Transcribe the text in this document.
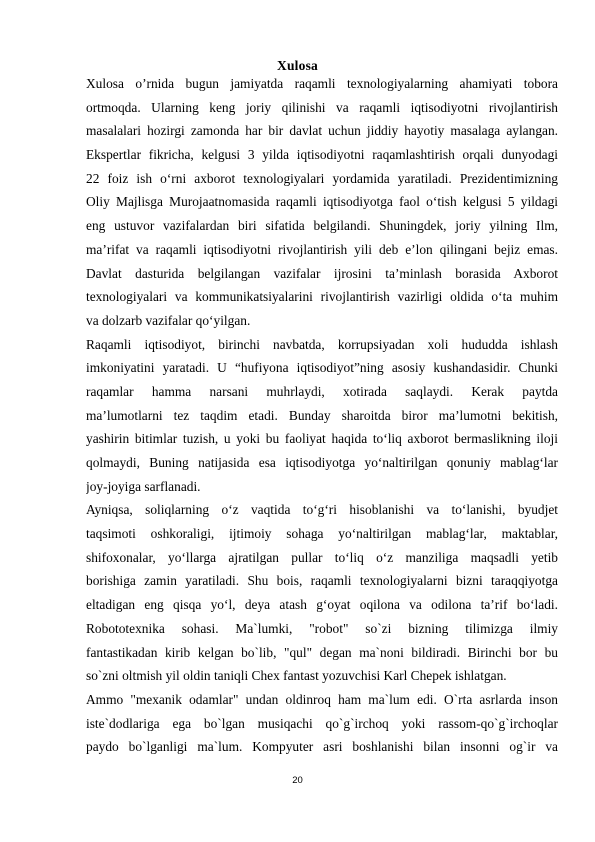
Xulosa
Xulosa o’rnida bugun jamiyatda raqamli texnologiyalarning ahamiyati tobora
ortmoqda. Ularning keng joriy qilinishi va raqamli iqtisodiyotni rivojlantirish
masalalari hozirgi zamonda har bir davlat uchun jiddiy hayotiy masalaga aylangan.
Ekspertlar fikricha, kelgusi 3 yilda iqtisodiyotni raqamlashtirish orqali dunyodagi
22 foiz ish o‘rni axborot texnologiyalari yordamida yaratiladi. Prezidentimizning
Oliy Majlisga Murojaatnomasida raqamli iqtisodiyotga faol o‘tish kelgusi 5 yildagi
eng ustuvor vazifalardan biri sifatida belgilandi. Shuningdek, joriy yilning Ilm,
ma’rifat va raqamli iqtisodiyotni rivojlantirish yili deb e’lon qilingani bejiz emas.
Davlat dasturida belgilangan vazifalar ijrosini ta’minlash borasida Axborot
texnologiyalari va kommunikatsiyalarini rivojlantirish vazirligi oldida o‘ta muhim
va dolzarb vazifalar qo‘yilgan.
Raqamli iqtisodiyot, birinchi navbatda, korrupsiyadan xoli hududda ishlash
imkoniyatini yaratadi. U “hufiyona iqtisodiyot”ning asosiy kushandasidir. Chunki
raqamlar hamma narsani muhrlaydi, xotirada saqlaydi. Kerak paytda
ma’lumotlarni tez taqdim etadi. Bunday sharoitda biror ma’lumotni bekitish,
yashirin bitimlar tuzish, u yoki bu faoliyat haqida to‘liq axborot bermaslikning iloji
qolmaydi, Buning natijasida esa iqtisodiyotga yo‘naltirilgan qonuniy mablag‘lar
joy-joyiga sarflanadi.
Ayniqsa, soliqlarning o‘z vaqtida to‘g‘ri hisoblanishi va to‘lanishi, byudjet
taqsimoti oshkoraligi, ijtimoiy sohaga yo‘naltirilgan mablag‘lar, maktablar,
shifoxonalar, yo‘llarga ajratilgan pullar to‘liq o‘z manziliga maqsadli yetib
borishiga zamin yaratiladi. Shu bois, raqamli texnologiyalarni bizni taraqqiyotga
eltadigan eng qisqa yo‘l, deya atash g‘oyat oqilona va odilona ta’rif bo‘ladi.
Robototexnika sohasi. Ma`lumki, "robot" so`zi bizning tilimizga ilmiy
fantastikadan kirib kelgan bo`lib, "qul" degan ma`noni bildiradi. Birinchi bor bu
so`zni oltmish yil oldin taniqli Chex fantast yozuvchisi Karl Chepek ishlatgan.
Ammo "mexanik odamlar" undan oldinroq ham ma`lum edi. O`rta asrlarda inson
iste`dodlariga ega bo`lgan musiqachi qo`g`irchoq yoki rassom-qo`g`irchoqlar
paydo bo`lganligi ma`lum. Kompyuter asri boshlanishi bilan insonni og`ir va
20
